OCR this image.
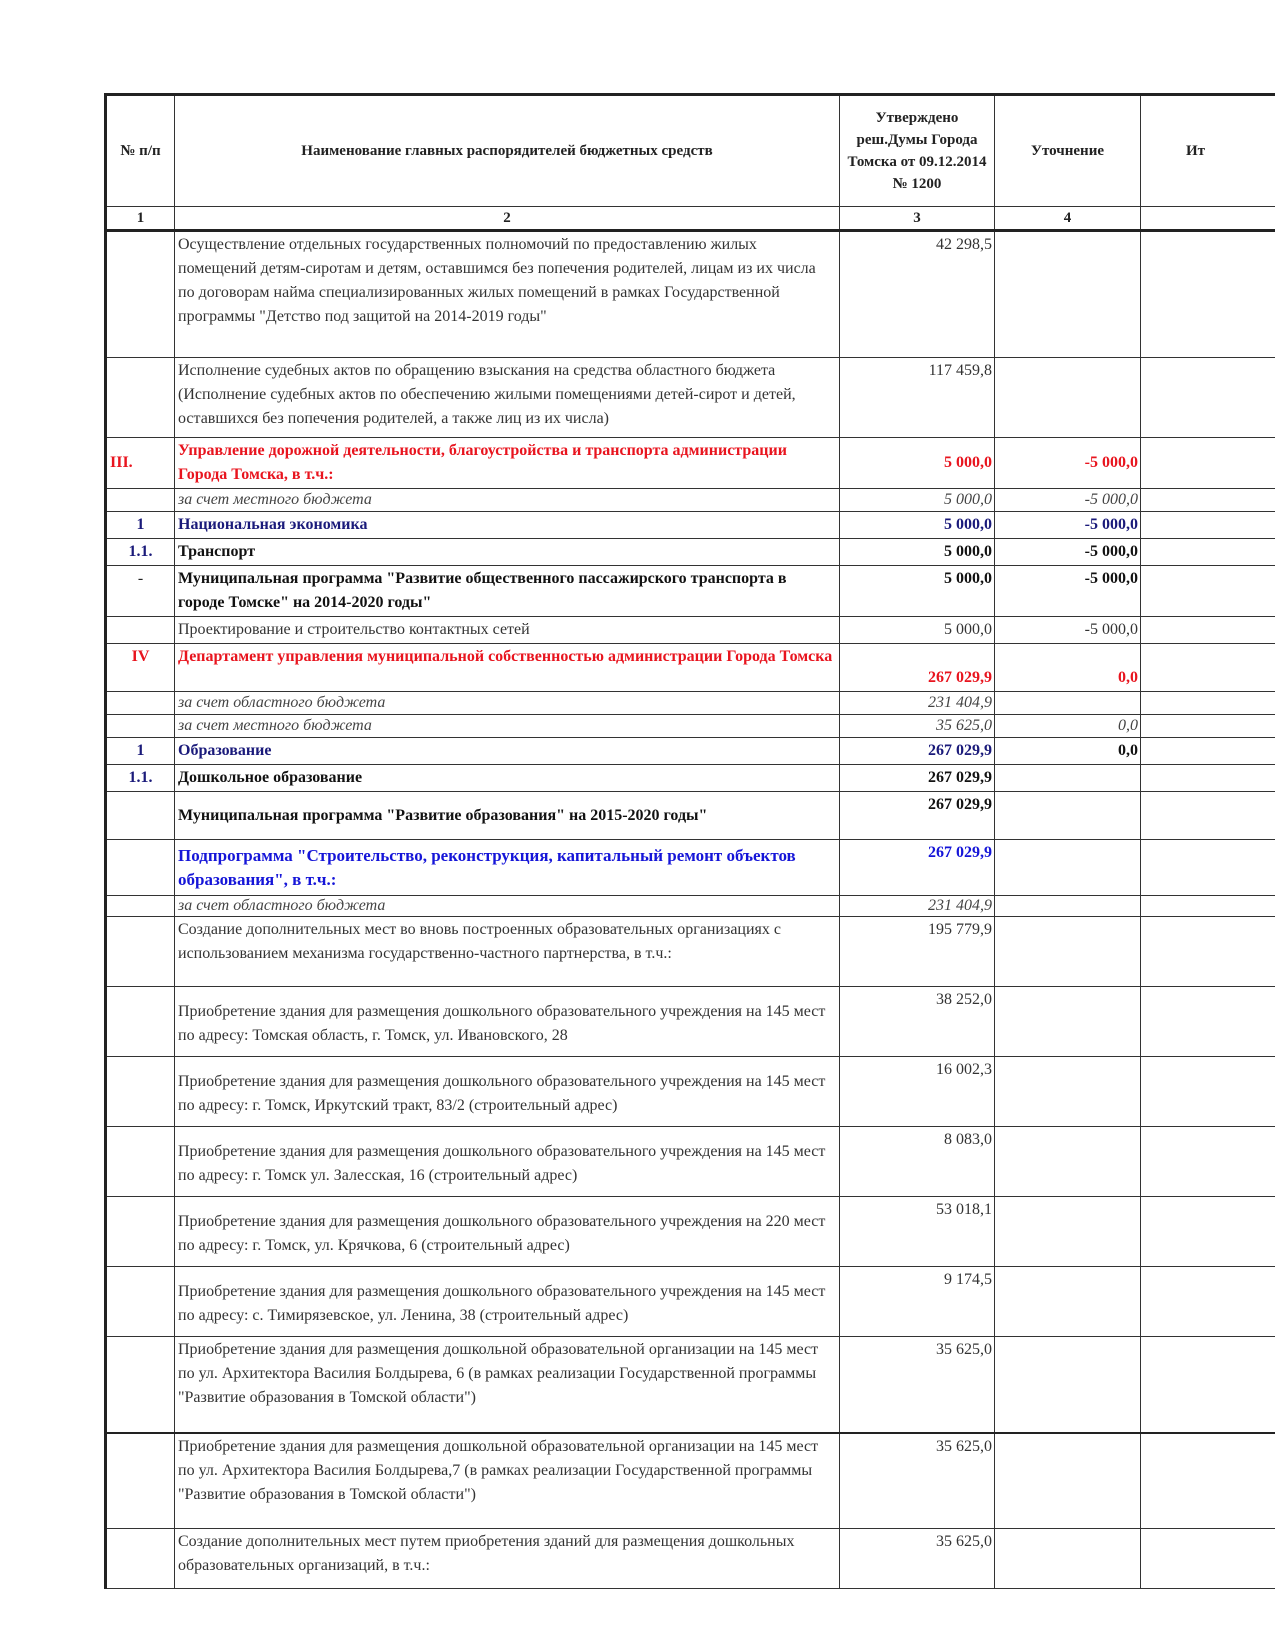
№ п/п	Наименование главных распорядителей бюджетных средств	Утверждено реш.Думы Города Томска от 09.12.2014 № 1200	Уточнение	Ит
1	2	3	4	
	Осуществление отдельных государственных полномочий по предоставлению жилых помещений детям-сиротам и детям, оставшимся без попечения родителей, лицам из их числа по договорам найма специализированных жилых помещений в рамках Государственной программы "Детство под защитой на 2014-2019 годы"	42 298,5		
	Исполнение судебных актов по обращению взыскания на средства областного бюджета (Исполнение судебных актов по обеспечению жилыми помещениями детей-сирот и детей, оставшихся без попечения родителей, а также лиц из их числа)	117 459,8		
III.	Управление дорожной деятельности, благоустройства и транспорта администрации Города Томска, в т.ч.:	5 000,0	-5 000,0	
	за счет местного бюджета	5 000,0	-5 000,0	
1	Национальная экономика	5 000,0	-5 000,0	
1.1.	Транспорт	5 000,0	-5 000,0	
-	Муниципальная программа "Развитие общественного пассажирского транспорта в городе Томске" на 2014-2020 годы"	5 000,0	-5 000,0	
	Проектирование и строительство контактных сетей	5 000,0	-5 000,0	
IV	Департамент управления муниципальной собственностью администрации Города Томска	267 029,9	0,0	
	за счет областного бюджета	231 404,9		
	за счет местного бюджета	35 625,0	0,0	
1	Образование	267 029,9	0,0	
1.1.	Дошкольное образование	267 029,9		
	Муниципальная программа "Развитие образования" на 2015-2020 годы"	267 029,9		
	Подпрограмма "Строительство, реконструкция, капитальный ремонт объектов образования", в т.ч.:	267 029,9		
	за счет областного бюджета	231 404,9		
	Создание дополнительных мест во вновь построенных образовательных организациях с использованием механизма государственно-частного партнерства, в т.ч.:	195 779,9		
	Приобретение здания для размещения дошкольного образовательного учреждения на 145 мест по адресу: Томская область, г. Томск, ул. Ивановского, 28	38 252,0		
	Приобретение здания для размещения дошкольного образовательного учреждения на 145 мест по адресу: г. Томск, Иркутский тракт, 83/2 (строительный адрес)	16 002,3		
	Приобретение здания для размещения дошкольного образовательного учреждения на 145 мест по адресу: г. Томск ул. Залесская, 16 (строительный адрес)	8 083,0		
	Приобретение здания для размещения дошкольного образовательного учреждения на 220 мест по адресу: г. Томск, ул. Крячкова, 6 (строительный адрес)	53 018,1		
	Приобретение здания для размещения дошкольного образовательного учреждения на 145 мест по адресу: с. Тимирязевское, ул. Ленина, 38 (строительный адрес)	9 174,5		
	Приобретение здания для размещения дошкольной образовательной организации на 145 мест по ул. Архитектора Василия Болдырева, 6 (в рамках реализации Государственной программы "Развитие образования в Томской области")	35 625,0		
	Приобретение здания для размещения дошкольной образовательной организации на 145 мест по ул. Архитектора Василия Болдырева,7 (в рамках реализации Государственной программы "Развитие образования в Томской области")	35 625,0		
	Создание дополнительных мест путем приобретения зданий для размещения дошкольных образовательных организаций, в т.ч.:	35 625,0		
